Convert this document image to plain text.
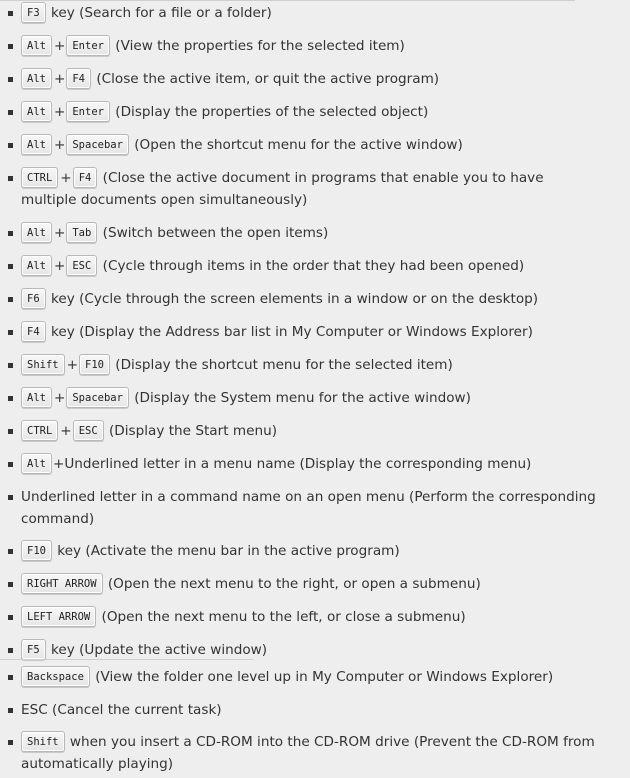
F3 key (Search for a file or a folder)
Alt + Enter (View the properties for the selected item)
Alt + F4 (Close the active item, or quit the active program)
Alt + Enter (Display the properties of the selected object)
Alt + Spacebar (Open the shortcut menu for the active window)
CTRL + F4 (Close the active document in programs that enable you to have multiple documents open simultaneously)
Alt + Tab (Switch between the open items)
Alt + ESC (Cycle through items in the order that they had been opened)
F6 key (Cycle through the screen elements in a window or on the desktop)
F4 key (Display the Address bar list in My Computer or Windows Explorer)
Shift + F10 (Display the shortcut menu for the selected item)
Alt + Spacebar (Display the System menu for the active window)
CTRL + ESC (Display the Start menu)
Alt +Underlined letter in a menu name (Display the corresponding menu)
Underlined letter in a command name on an open menu (Perform the corresponding command)
F10 key (Activate the menu bar in the active program)
RIGHT ARROW (Open the next menu to the right, or open a submenu)
LEFT ARROW (Open the next menu to the left, or close a submenu)
F5 key (Update the active window)
Backspace (View the folder one level up in My Computer or Windows Explorer)
ESC (Cancel the current task)
Shift when you insert a CD-ROM into the CD-ROM drive (Prevent the CD-ROM from automatically playing)
